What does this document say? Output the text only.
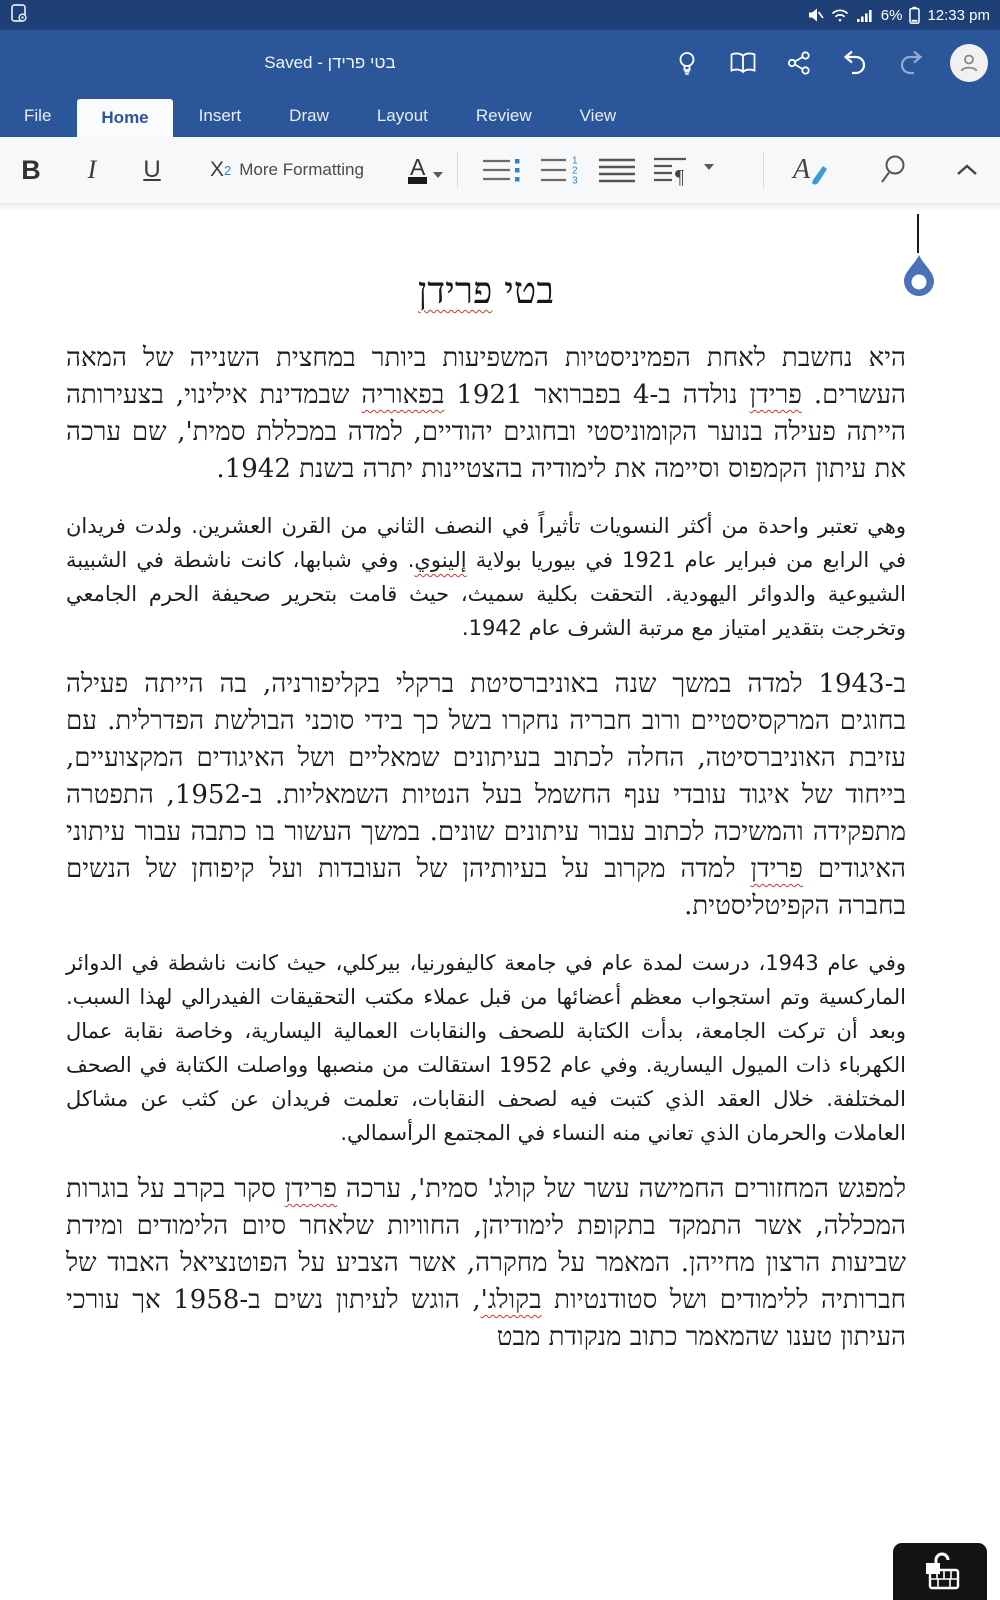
6% 12:33 pm
Saved - בטי פרידן
File	Home	Insert	Draw	Layout	Review	View
B	I	U	X 2 More Formatting A	1
2
3	¶	A
בטי פרידן

היא נחשבת לאחת הפמיניסטיות המשפיעות ביותר במחצית השנייה של המאה העשרים. פרידן נולדה ב-4 בפברואר 1921 בפאוריה שבמדינת אילינוי, בצעירותה הייתה פעילה בנוער הקומוניסטי ובחוגים יהודיים, למדה במכללת סמית', שם ערכה את עיתון הקמפוס וסיימה את לימודיה בהצטיינות יתרה בשנת 1942.

وهي تعتبر واحدة من أكثر النسويات تأثيراً في النصف الثاني من القرن العشرين. ولدت فريدان في الرابع من فبراير عام 1921 في بيوريا بولاية إلينوي. وفي شبابها، كانت ناشطة في الشبيبة الشيوعية والدوائر اليهودية. التحقت بكلية سميث، حيث قامت بتحرير صحيفة الحرم الجامعي وتخرجت بتقدير امتياز مع مرتبة الشرف عام 1942.

ב-1943 למדה במשך שנה באוניברסיטת ברקלי בקליפורניה, בה הייתה פעילה בחוגים המרקסיסטיים ורוב חבריה נחקרו בשל כך בידי סוכני הבולשת הפדרלית. עם עזיבת האוניברסיטה, החלה לכתוב בעיתונים שמאליים ושל האיגודים המקצועיים, בייחוד של איגוד עובדי ענף החשמל בעל הנטיות השמאליות. ב-1952, התפטרה מתפקידה והמשיכה לכתוב עבור עיתונים שונים. במשך העשור בו כתבה עבור עיתוני האיגודים פרידן למדה מקרוב על בעיותיהן של העובדות ועל קיפוחן של הנשים בחברה הקפיטליסטית.

وفي عام 1943، درست لمدة عام في جامعة كاليفورنيا، بيركلي، حيث كانت ناشطة في الدوائر الماركسية وتم استجواب معظم أعضائها من قبل عملاء مكتب التحقيقات الفيدرالي لهذا السبب. وبعد أن تركت الجامعة، بدأت الكتابة للصحف والنقابات العمالية اليسارية، وخاصة نقابة عمال الكهرباء ذات الميول اليسارية. وفي عام 1952 استقالت من منصبها وواصلت الكتابة في الصحف المختلفة. خلال العقد الذي كتبت فيه لصحف النقابات، تعلمت فريدان عن كثب عن مشاكل العاملات والحرمان الذي تعاني منه النساء في المجتمع الرأسمالي.

למפגש המחזורים החמישה עשר של קולג' סמית', ערכה פרידן סקר בקרב על בוגרות המכללה, אשר התמקד בתקופת לימודיהן, החוויות שלאחר סיום הלימודים ומידת שביעות הרצון מחייהן. המאמר על מחקרה, אשר הצביע על הפוטנציאל האבוד של חברותיה ללימודים ושל סטודנטיות בקולג', הוגש לעיתון נשים ב-1958 אך עורכי העיתון טענו שהמאמר כתוב מנקודת מבט
